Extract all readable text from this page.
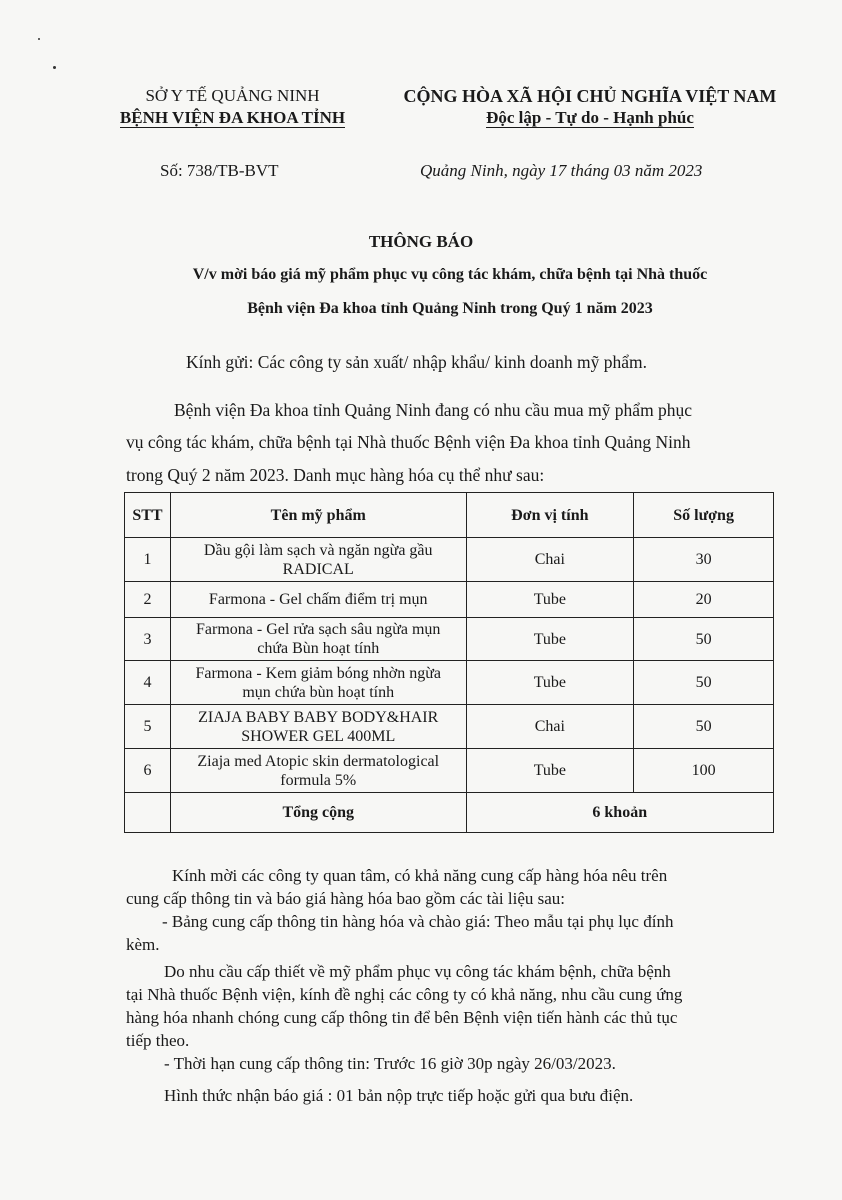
SỞ Y TẾ QUẢNG NINH
BỆNH VIỆN ĐA KHOA TỈNH
CỘNG HÒA XÃ HỘI CHỦ NGHĨA VIỆT NAM
Độc lập - Tự do - Hạnh phúc
Số: 738/TB-BVT	Quảng Ninh, ngày 17 tháng 03 năm 2023
THÔNG BÁO
V/v mời báo giá mỹ phẩm phục vụ công tác khám, chữa bệnh tại Nhà thuốc
Bệnh viện Đa khoa tỉnh Quảng Ninh trong Quý 1 năm 2023
Kính gửi: Các công ty sản xuất/ nhập khẩu/ kinh doanh mỹ phẩm.
Bệnh viện Đa khoa tỉnh Quảng Ninh đang có nhu cầu mua mỹ phẩm phục
vụ công tác khám, chữa bệnh tại Nhà thuốc Bệnh viện Đa khoa tỉnh Quảng Ninh
trong Quý 2 năm 2023. Danh mục hàng hóa cụ thể như sau:
STT	Tên mỹ phẩm	Đơn vị tính	Số lượng
1	Dầu gội làm sạch và ngăn ngừa gầu
RADICAL	Chai	30
2	Farmona - Gel chấm điểm trị mụn	Tube	20
3	Farmona - Gel rửa sạch sâu ngừa mụn
chứa Bùn hoạt tính	Tube	50
4	Farmona - Kem giảm bóng nhờn ngừa
mụn chứa bùn hoạt tính	Tube	50
5	ZIAJA BABY BABY BODY&HAIR
SHOWER GEL 400ML	Chai	50
6	Ziaja med Atopic skin dermatological
formula 5%	Tube	100
	Tổng cộng	6 khoản	
Kính mời các công ty quan tâm, có khả năng cung cấp hàng hóa nêu trên
cung cấp thông tin và báo giá hàng hóa bao gồm các tài liệu sau:
- Bảng cung cấp thông tin hàng hóa và chào giá: Theo mẫu tại phụ lục đính
kèm.
Do nhu cầu cấp thiết về mỹ phẩm phục vụ công tác khám bệnh, chữa bệnh
tại Nhà thuốc Bệnh viện, kính đề nghị các công ty có khả năng, nhu cầu cung ứng
hàng hóa nhanh chóng cung cấp thông tin để bên Bệnh viện tiến hành các thủ tục
tiếp theo.
- Thời hạn cung cấp thông tin: Trước 16 giờ 30p ngày 26/03/2023.
Hình thức nhận báo giá : 01 bản nộp trực tiếp hoặc gửi qua bưu điện.
